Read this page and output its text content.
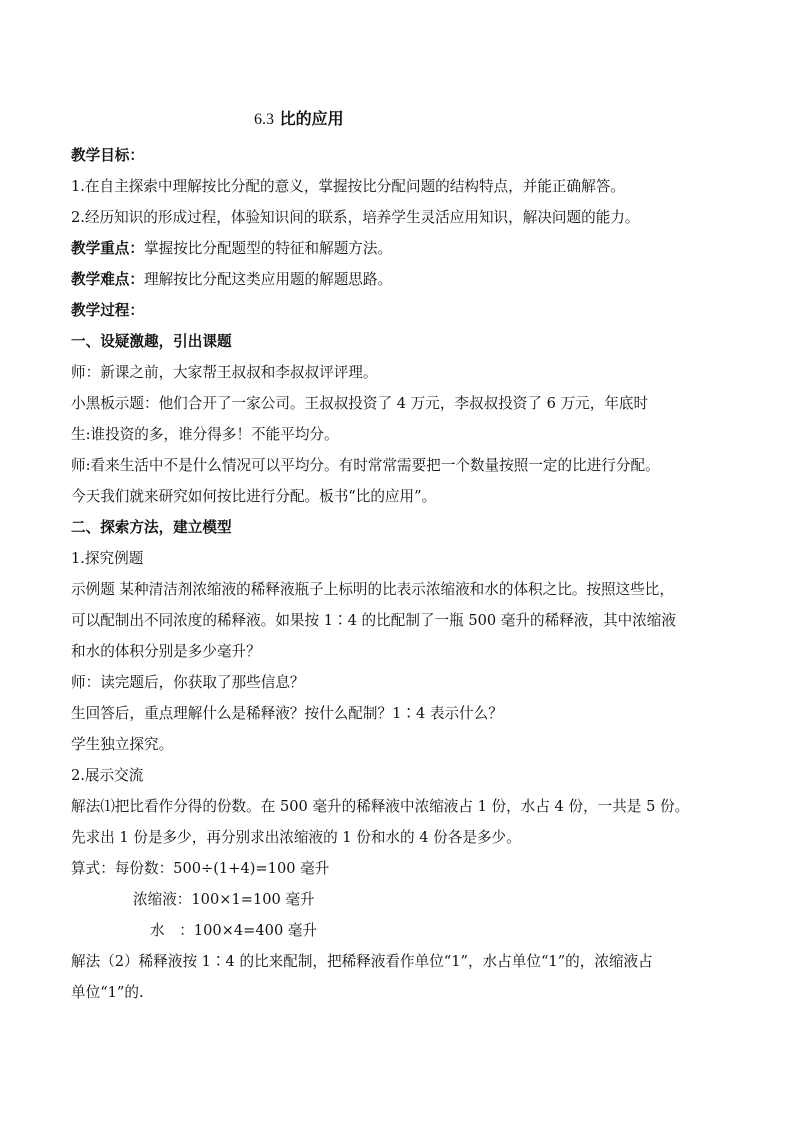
6.3 比的应用

教学目标：

1.在自主探索中理解按比分配的意义，掌握按比分配问题的结构特点，并能正确解答。

2.经历知识的形成过程，体验知识间的联系，培养学生灵活应用知识，解决问题的能力。

教学重点：掌握按比分配题型的特征和解题方法。

教学难点：理解按比分配这类应用题的解题思路。

教学过程：

一、设疑激趣，引出课题

师：新课之前，大家帮王叔叔和李叔叔评评理。

小黑板示题：他们合开了一家公司。王叔叔投资了 4 万元，李叔叔投资了 6 万元，年底时

生:谁投资的多，谁分得多！不能平均分。

师:看来生活中不是什么情况可以平均分。有时常常需要把一个数量按照一定的比进行分配。

今天我们就来研究如何按比进行分配。板书“比的应用”。

二、探索方法，建立模型

1.探究例题

示例题 某种清洁剂浓缩液的稀释液瓶子上标明的比表示浓缩液和水的体积之比。按照这些比，

可以配制出不同浓度的稀释液。如果按 1∶4 的比配制了一瓶 500 毫升的稀释液，其中浓缩液

和水的体积分别是多少毫升？

师：读完题后，你获取了那些信息？

生回答后，重点理解什么是稀释液？按什么配制？1∶4 表示什么？

学生独立探究。

2.展示交流

解法⑴把比看作分得的份数。在 500 毫升的稀释液中浓缩液占 1 份，水占 4 份，一共是 5 份。

先求出 1 份是多少，再分别求出浓缩液的 1 份和水的 4 份各是多少。

算式：每份数：500÷(1+4)=100 毫升

浓缩液：100×1=100 毫升

水　：100×4=400 毫升

解法（2）稀释液按 1∶4 的比来配制，把稀释液看作单位“1”，水占单位“1”的，浓缩液占

单位“1”的.
